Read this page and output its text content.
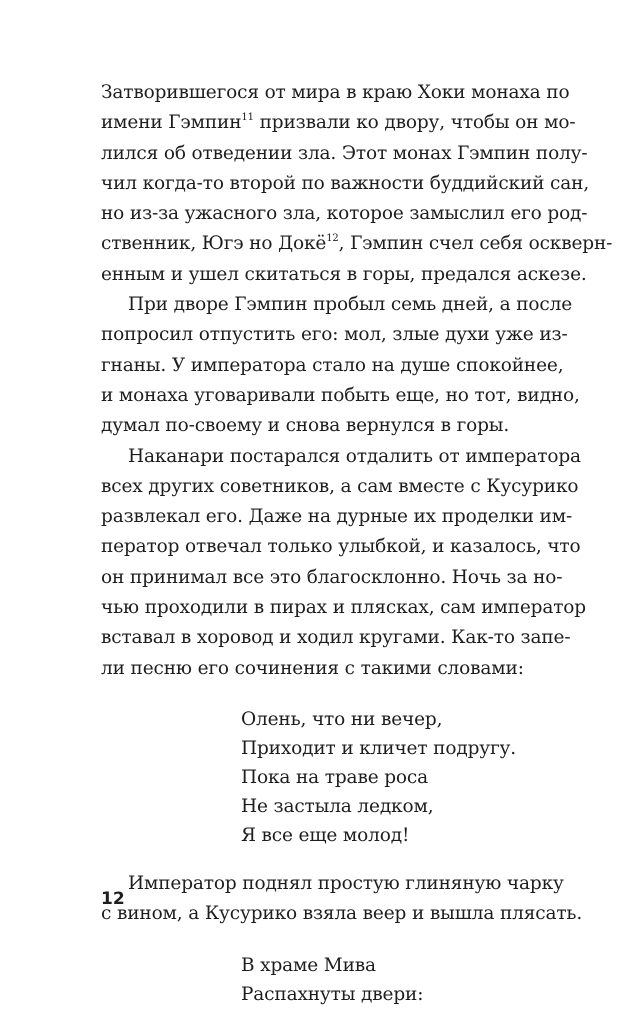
Затворившегося от мира в краю Хоки монаха по
имени Гэмпин$^{11}$ призвали ко двору, чтобы он мо-
лился об отведении зла. Этот монах Гэмпин полу-
чил когда-то второй по важности буддийский сан,
но из-за ужасного зла, которое замыслил его род-
ственник, Югэ но Докё$^{12}$, Гэмпин счел себя оскверн-
енным и ушел скитаться в горы, предался аскезе.
При дворе Гэмпин пробыл семь дней, а после
попросил отпустить его: мол, злые духи уже из-
гнаны. У императора стало на душе спокойнее,
и монаха уговаривали побыть еще, но тот, видно,
думал по-своему и снова вернулся в горы.
Наканари постарался отдалить от императора
всех других советников, а сам вместе с Кусурико
развлекал его. Даже на дурные их проделки им-
ператор отвечал только улыбкой, и казалось, что
он принимал все это благосклонно. Ночь за но-
чью проходили в пирах и плясках, сам император
вставал в хоровод и ходил кругами. Как-то запе-
ли песню его сочинения с такими словами:
Олень, что ни вечер,
Приходит и кличет подругу.
Пока на траве роса
Не застыла ледком,
Я все еще молод!
Император поднял простую глиняную чарку
с вином, а Кусурико взяла веер и вышла плясать.
В храме Мива
Распахнуты двери:
12
